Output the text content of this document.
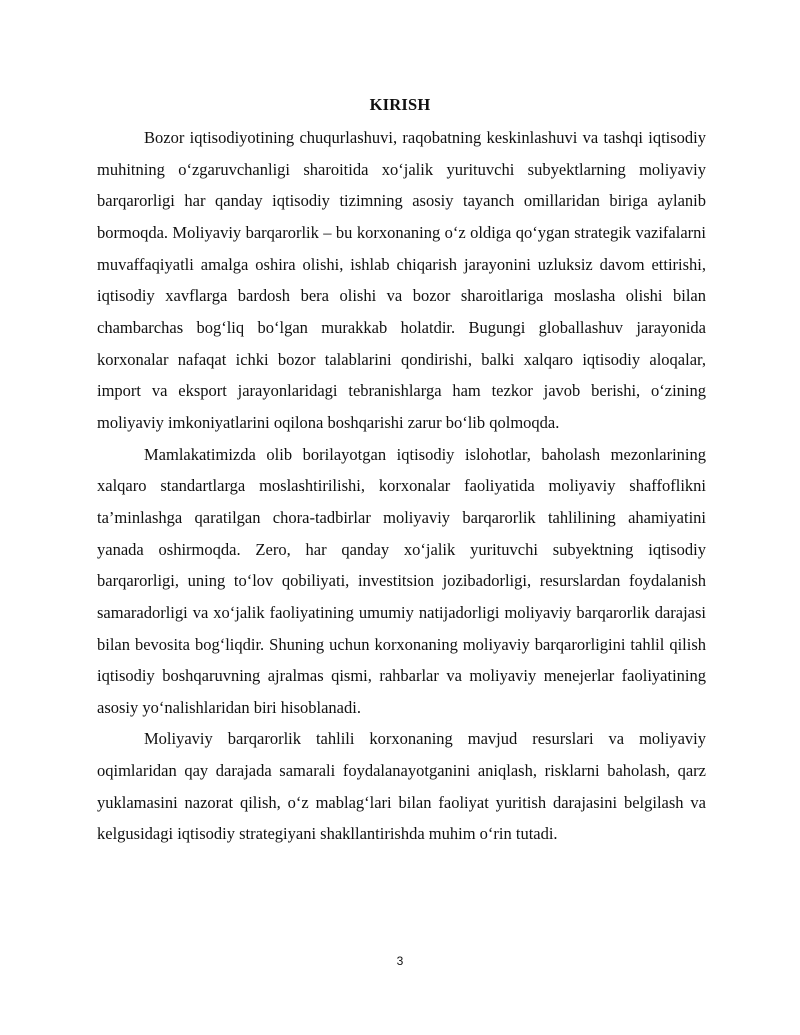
KIRISH

Bozor iqtisodiyotining chuqurlashuvi, raqobatning keskinlashuvi va tashqi iqtisodiy muhitning o‘zgaruvchanligi sharoitida xo‘jalik yurituvchi subyektlarning moliyaviy barqarorligi har qanday iqtisodiy tizimning asosiy tayanch omillaridan biriga aylanib bormoqda. Moliyaviy barqarorlik – bu korxonaning o‘z oldiga qo‘ygan strategik vazifalarni muvaffaqiyatli amalga oshira olishi, ishlab chiqarish jarayonini uzluksiz davom ettirishi, iqtisodiy xavflarga bardosh bera olishi va bozor sharoitlariga moslasha olishi bilan chambarchas bog‘liq bo‘lgan murakkab holatdir. Bugungi globallashuv jarayonida korxonalar nafaqat ichki bozor talablarini qondirishi, balki xalqaro iqtisodiy aloqalar, import va eksport jarayonlaridagi tebranishlarga ham tezkor javob berishi, o‘zining moliyaviy imkoniyatlarini oqilona boshqarishi zarur bo‘lib qolmoqda.

Mamlakatimizda olib borilayotgan iqtisodiy islohotlar, baholash mezonlarining xalqaro standartlarga moslashtirilishi, korxonalar faoliyatida moliyaviy shaffoflikni ta’minlashga qaratilgan chora-tadbirlar moliyaviy barqarorlik tahlilining ahamiyatini yanada oshirmoqda. Zero, har qanday xo‘jalik yurituvchi subyektning iqtisodiy barqarorligi, uning to‘lov qobiliyati, investitsion jozibadorligi, resurslardan foydalanish samaradorligi va xo‘jalik faoliyatining umumiy natijadorligi moliyaviy barqarorlik darajasi bilan bevosita bog‘liqdir. Shuning uchun korxonaning moliyaviy barqarorligini tahlil qilish iqtisodiy boshqaruvning ajralmas qismi, rahbarlar va moliyaviy menejerlar faoliyatining asosiy yo‘nalishlaridan biri hisoblanadi.

Moliyaviy barqarorlik tahlili korxonaning mavjud resurslari va moliyaviy oqimlaridan qay darajada samarali foydalanayotganini aniqlash, risklarni baholash, qarz yuklamasini nazorat qilish, o‘z mablag‘lari bilan faoliyat yuritish darajasini belgilash va kelgusidagi iqtisodiy strategiyani shakllantirishda muhim o‘rin tutadi.

3
